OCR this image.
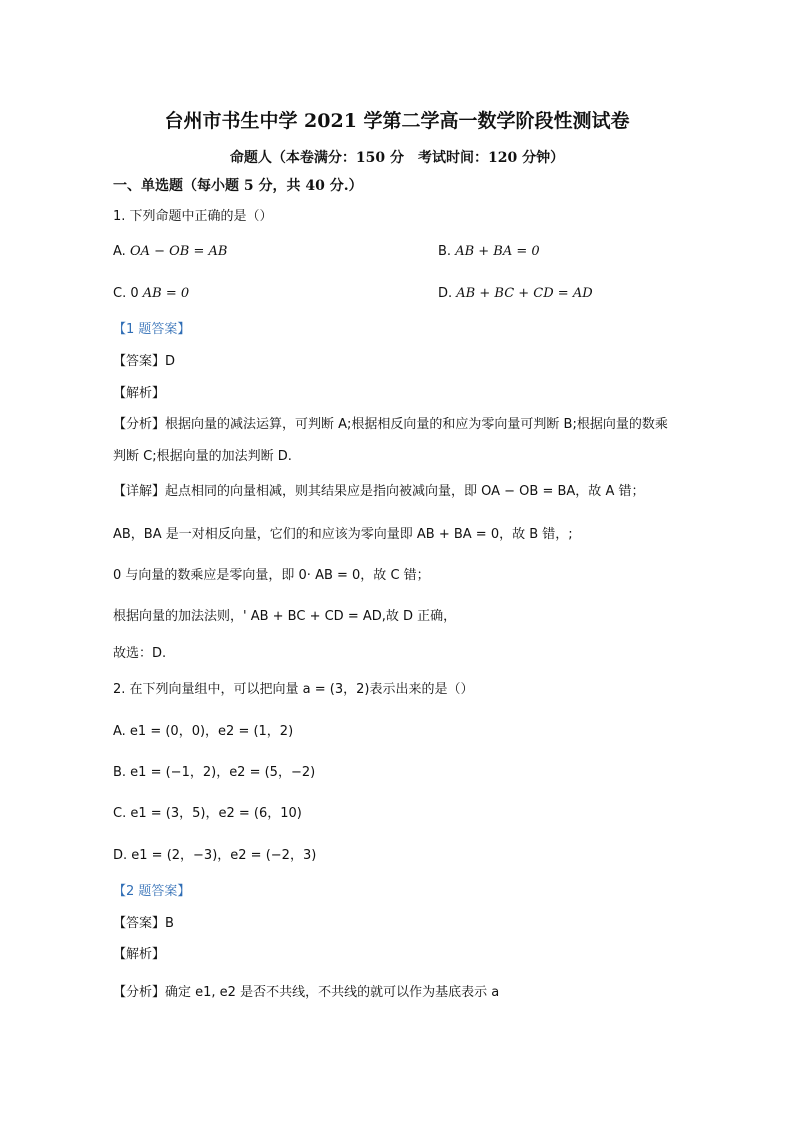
台州市书生中学 2021 学第二学高一数学阶段性测试卷
命题人（本卷满分：150 分　考试时间：120 分钟）
一、单选题（每小题 5 分，共 40 分.）
1. 下列命题中正确的是（）
A. OA − OB = AB	B. AB + BA = 0
C. 0 AB = 0	D. AB + BC + CD = AD
【1 题答案】
【答案】D
【解析】
【分析】根据向量的减法运算，可判断 A;根据相反向量的和应为零向量可判断 B;根据向量的数乘
判断 C;根据向量的加法判断 D.
【详解】起点相同的向量相减，则其结果应是指向被减向量，即 OA − OB = BA，故 A 错；
AB，BA 是一对相反向量，它们的和应该为零向量即 AB + BA = 0，故 B 错，;
0 与向量的数乘应是零向量，即 0· AB = 0，故 C 错；
根据向量的加法法则，' AB + BC + CD = AD,故 D 正确，
故选：D.
2. 在下列向量组中，可以把向量 a = (3，2)表示出来的是（）
A. e1 = (0，0)，e2 = (1，2)
B. e1 = (−1，2)，e2 = (5，−2)
C. e1 = (3，5)，e2 = (6，10)
D. e1 = (2，−3)，e2 = (−2，3)
【2 题答案】
【答案】B
【解析】
【分析】确定 e1, e2 是否不共线，不共线的就可以作为基底表示 a
